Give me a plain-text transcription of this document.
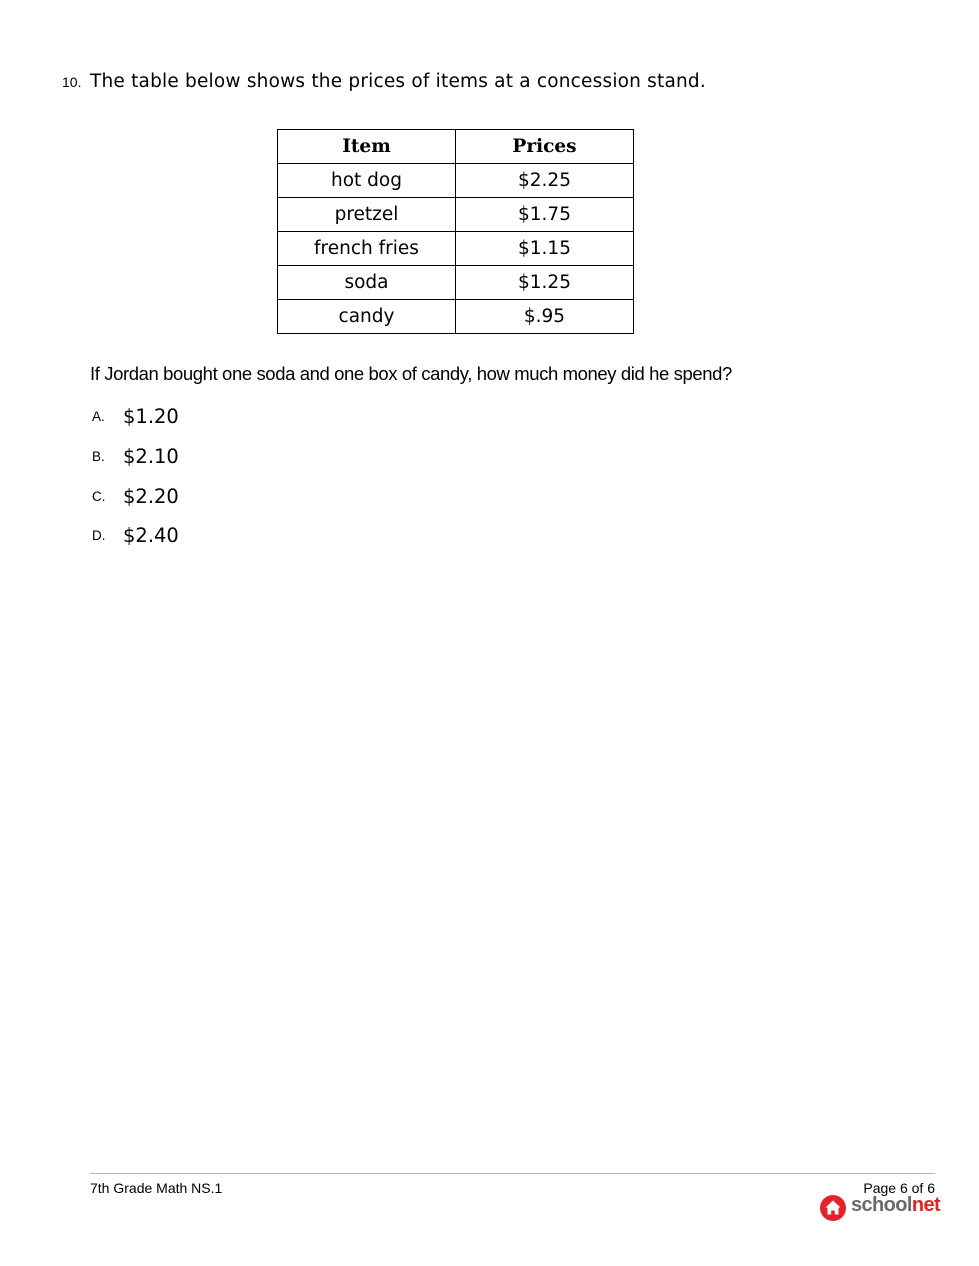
10. The table below shows the prices of items at a concession stand.
Item	Prices
hot dog	$2.25
pretzel	$1.75
french fries	$1.15
soda	$1.25
candy	$.95
If Jordan bought one soda and one box of candy, how much money did he spend?
A. $1.20
B. $2.10
C. $2.20
D. $2.40
7th Grade Math NS.1	Page 6 of 6
schoolnet
